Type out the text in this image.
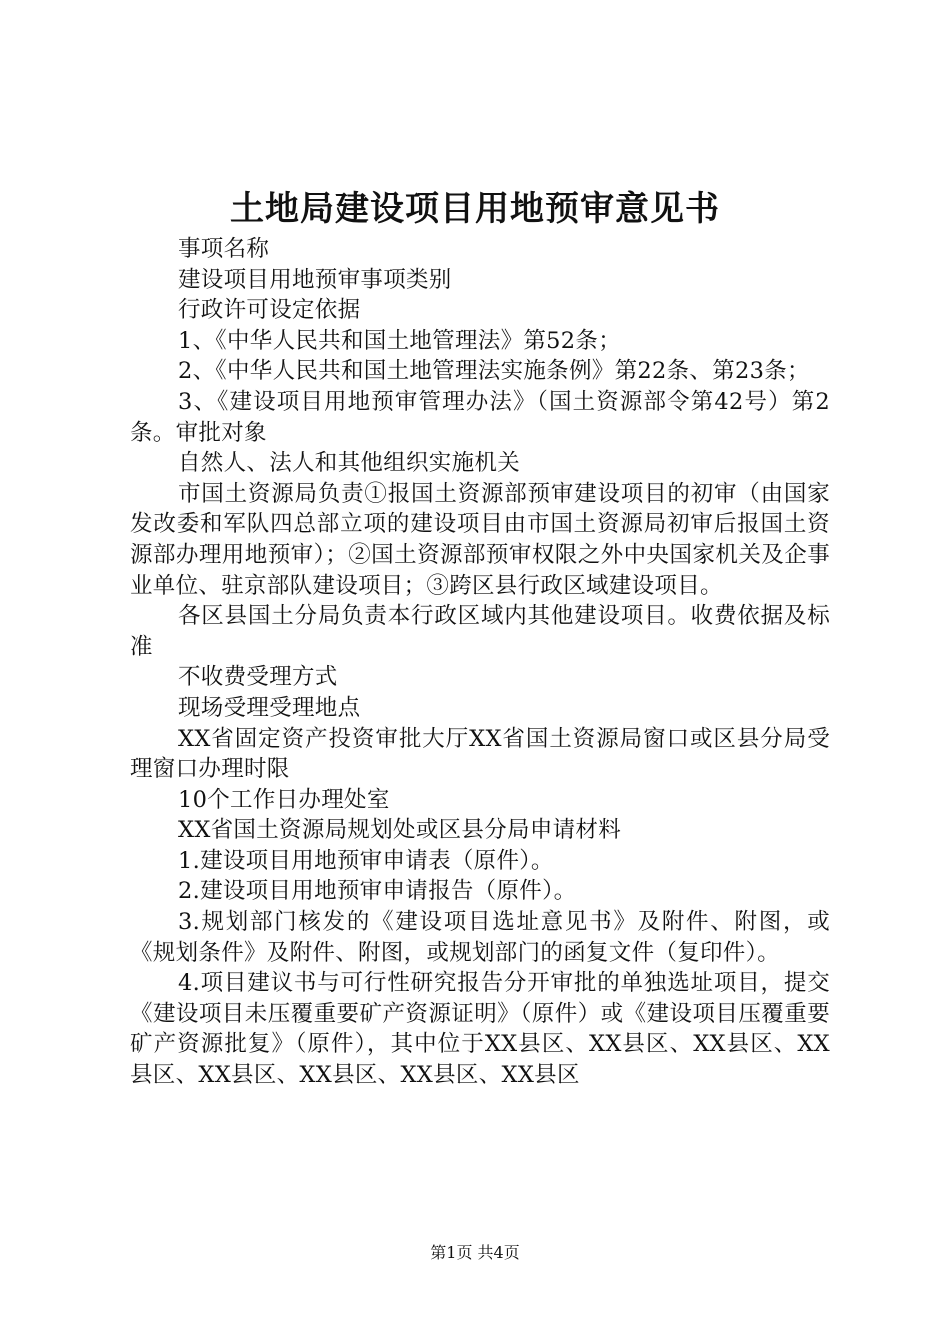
土地局建设项目用地预审意见书

事项名称

建设项目用地预审事项类别

行政许可设定依据

1、《中华人民共和国土地管理法》第52条；

2、《中华人民共和国土地管理法实施条例》第22条、第23条；

3、《建设项目用地预审管理办法》（国土资源部令第42号）第2条。审批对象

自然人、法人和其他组织实施机关

市国土资源局负责①报国土资源部预审建设项目的初审（由国家发改委和军队四总部立项的建设项目由市国土资源局初审后报国土资源部办理用地预审）；②国土资源部预审权限之外中央国家机关及企事业单位、驻京部队建设项目；③跨区县行政区域建设项目。

各区县国土分局负责本行政区域内其他建设项目。收费依据及标准

不收费受理方式

现场受理受理地点

XX省固定资产投资审批大厅XX省国土资源局窗口或区县分局受理窗口办理时限

10个工作日办理处室

XX省国土资源局规划处或区县分局申请材料

1.建设项目用地预审申请表（原件）。

2.建设项目用地预审申请报告（原件）。

3.规划部门核发的《建设项目选址意见书》及附件、附图，或《规划条件》及附件、附图，或规划部门的函复文件（复印件）。

4.项目建议书与可行性研究报告分开审批的单独选址项目，提交《建设项目未压覆重要矿产资源证明》（原件）或《建设项目压覆重要矿产资源批复》（原件），其中位于XX县区、XX县区、XX县区、XX县区、XX县区、XX县区、XX县区、XX县区

第1页 共4页
